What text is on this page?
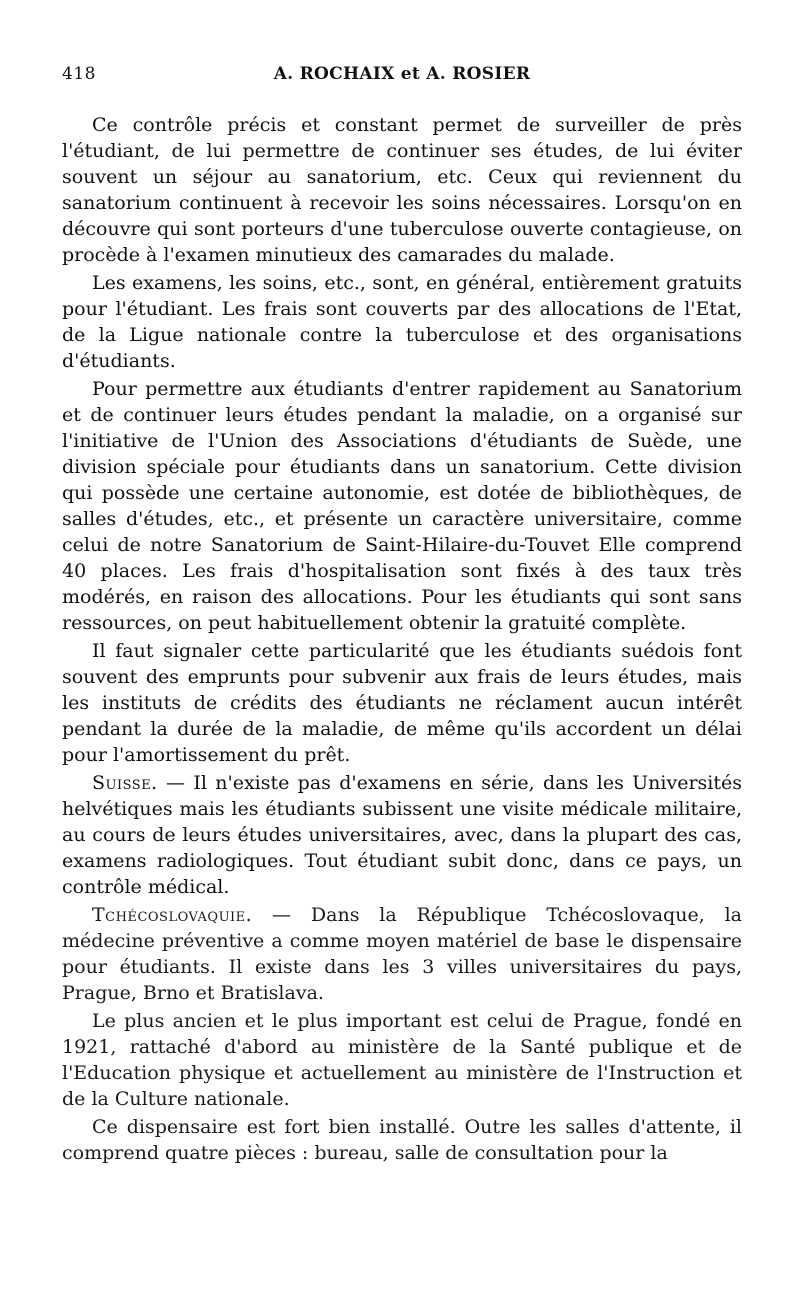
418	A. ROCHAIX et A. ROSIER

Ce contrôle précis et constant permet de surveiller de près l'étudiant, de lui permettre de continuer ses études, de lui éviter souvent un séjour au sanatorium, etc. Ceux qui reviennent du sanatorium continuent à recevoir les soins nécessaires. Lorsqu'on en découvre qui sont porteurs d'une tuberculose ouverte contagieuse, on procède à l'examen minutieux des camarades du malade.

Les examens, les soins, etc., sont, en général, entièrement gratuits pour l'étudiant. Les frais sont couverts par des allocations de l'Etat, de la Ligue nationale contre la tuberculose et des organisations d'étudiants.

Pour permettre aux étudiants d'entrer rapidement au Sanatorium et de continuer leurs études pendant la maladie, on a organisé sur l'initiative de l'Union des Associations d'étudiants de Suède, une division spéciale pour étudiants dans un sanatorium. Cette division qui possède une certaine autonomie, est dotée de bibliothèques, de salles d'études, etc., et présente un caractère universitaire, comme celui de notre Sanatorium de Saint-Hilaire-du-Touvet Elle comprend 40 places. Les frais d'hospitalisation sont fixés à des taux très modérés, en raison des allocations. Pour les étudiants qui sont sans ressources, on peut habituellement obtenir la gratuité complète.

Il faut signaler cette particularité que les étudiants suédois font souvent des emprunts pour subvenir aux frais de leurs études, mais les instituts de crédits des étudiants ne réclament aucun intérêt pendant la durée de la maladie, de même qu'ils accordent un délai pour l'amortissement du prêt.

Suisse. — Il n'existe pas d'examens en série, dans les Universités helvétiques mais les étudiants subissent une visite médicale militaire, au cours de leurs études universitaires, avec, dans la plupart des cas, examens radiologiques. Tout étudiant subit donc, dans ce pays, un contrôle médical.

Tchécoslovaquie. — Dans la République Tchécoslovaque, la médecine préventive a comme moyen matériel de base le dispensaire pour étudiants. Il existe dans les 3 villes universitaires du pays, Prague, Brno et Bratislava.

Le plus ancien et le plus important est celui de Prague, fondé en 1921, rattaché d'abord au ministère de la Santé publique et de l'Education physique et actuellement au ministère de l'Instruction et de la Culture nationale.

Ce dispensaire est fort bien installé. Outre les salles d'attente, il comprend quatre pièces : bureau, salle de consultation pour la
